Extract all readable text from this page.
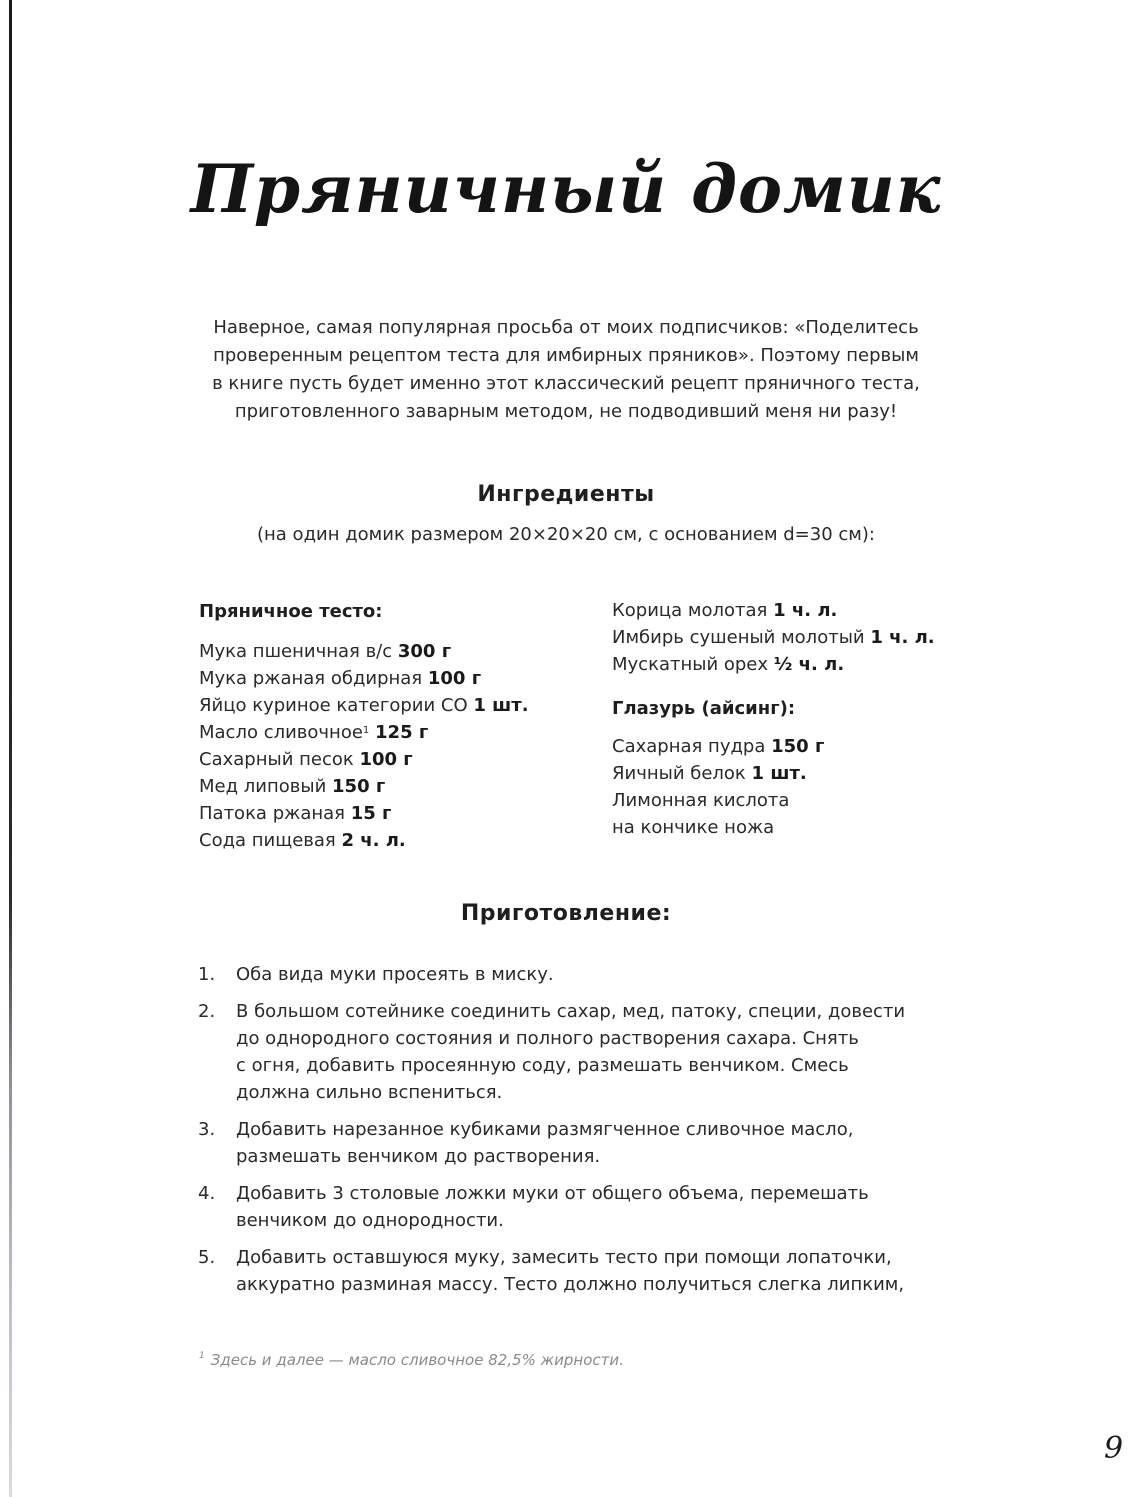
Пряничный домик

Наверное, самая популярная просьба от моих подписчиков: «Поделитесь

проверенным рецептом теста для имбирных пряников». Поэтому первым

в книге пусть будет именно этот классический рецепт пряничного теста,

приготовленного заварным методом, не подводивший меня ни разу!

Ингредиенты
(на один домик размером 20×20×20 см, с основанием d=30 см):
Пряничное тесто:
Мука пшеничная в/с 300 г
Мука ржаная обдирная 100 г
Яйцо куриное категории СО 1 шт.
Масло сливочное$^1$ 125 г
Сахарный песок 100 г
Мед липовый 150 г
Патока ржаная 15 г
Сода пищевая 2 ч. л.
Корица молотая 1 ч. л.
Имбирь сушеный молотый 1 ч. л.
Мускатный орех ½ ч. л.
Глазурь (айсинг):
Сахарная пудра 150 г
Яичный белок 1 шт.
Лимонная кислота
на кончике ножа
Приготовление:
1.	Оба вида муки просеять в миску.
2.	В большом сотейнике соединить сахар, мед, патоку, специи, довести
до однородного состояния и полного растворения сахара. Снять
с огня, добавить просеянную соду, размешать венчиком. Смесь
должна сильно вспениться.
3.	Добавить нарезанное кубиками размягченное сливочное масло,
размешать венчиком до растворения.
4.	Добавить 3 столовые ложки муки от общего объема, перемешать
венчиком до однородности.
5.	Добавить оставшуюся муку, замесить тесто при помощи лопаточки,
аккуратно разминая массу. Тесто должно получиться слегка липким,
$^1$ Здесь и далее — масло сливочное 82,5% жирности.
9
